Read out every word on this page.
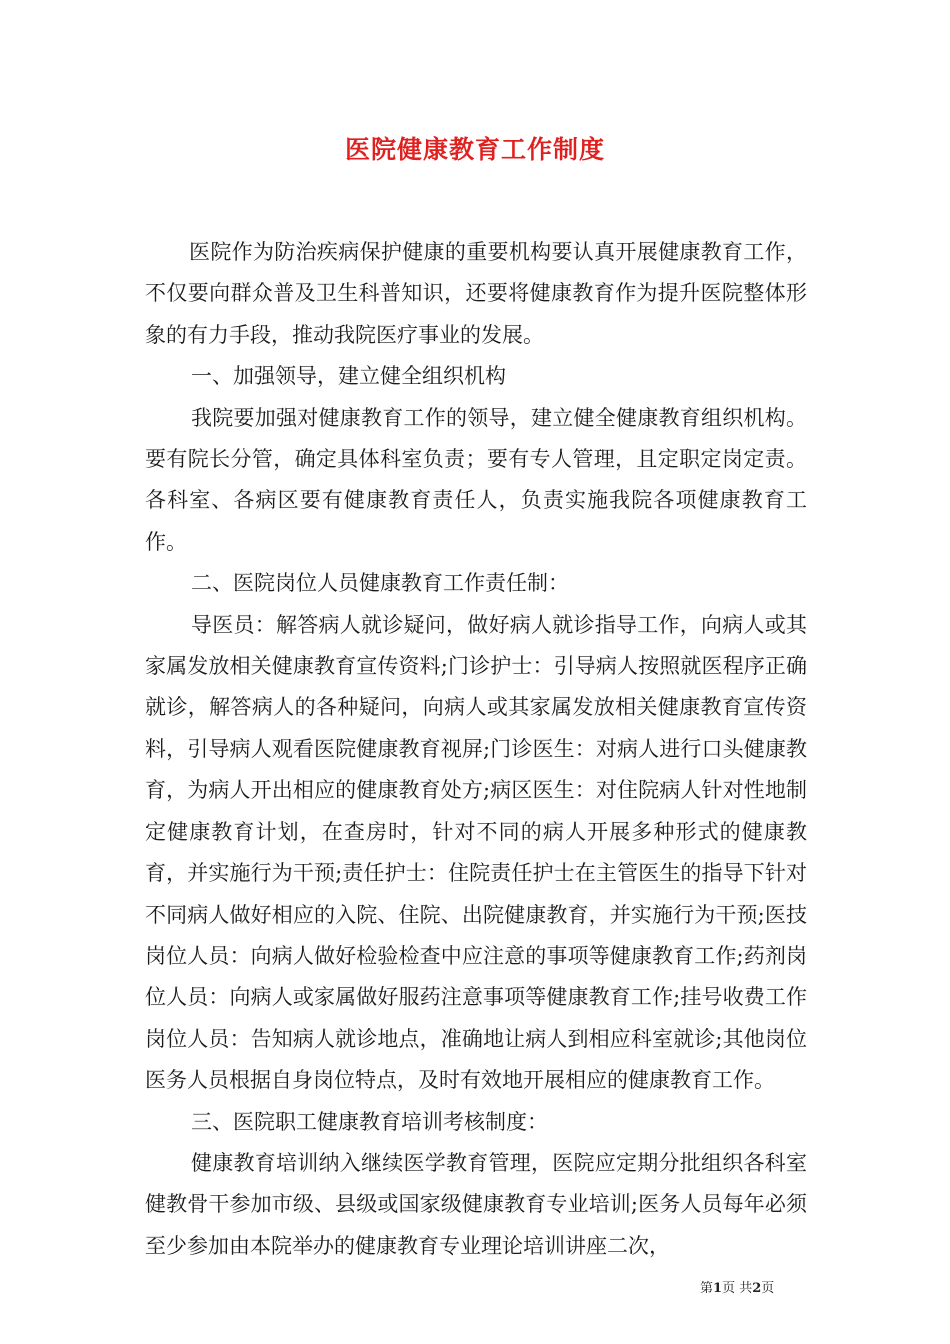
医院健康教育工作制度

医院作为防治疾病保护健康的重要机构要认真开展健康教育工作，不仅要向群众普及卫生科普知识，还要将健康教育作为提升医院整体形象的有力手段，推动我院医疗事业的发展。

一、加强领导，建立健全组织机构

我院要加强对健康教育工作的领导，建立健全健康教育组织机构。要有院长分管，确定具体科室负责；要有专人管理，且定职定岗定责。各科室、各病区要有健康教育责任人，负责实施我院各项健康教育工作。

二、医院岗位人员健康教育工作责任制：

导医员：解答病人就诊疑问，做好病人就诊指导工作，向病人或其家属发放相关健康教育宣传资料;门诊护士：引导病人按照就医程序正确就诊，解答病人的各种疑问，向病人或其家属发放相关健康教育宣传资料，引导病人观看医院健康教育视屏;门诊医生：对病人进行口头健康教育，为病人开出相应的健康教育处方;病区医生：对住院病人针对性地制定健康教育计划，在查房时，针对不同的病人开展多种形式的健康教育，并实施行为干预;责任护士：住院责任护士在主管医生的指导下针对不同病人做好相应的入院、住院、出院健康教育，并实施行为干预;医技岗位人员：向病人做好检验检查中应注意的事项等健康教育工作;药剂岗位人员：向病人或家属做好服药注意事项等健康教育工作;挂号收费工作岗位人员：告知病人就诊地点，准确地让病人到相应科室就诊;其他岗位医务人员根据自身岗位特点，及时有效地开展相应的健康教育工作。

三、医院职工健康教育培训考核制度：

健康教育培训纳入继续医学教育管理，医院应定期分批组织各科室健教骨干参加市级、县级或国家级健康教育专业培训;医务人员每年必须至少参加由本院举办的健康教育专业理论培训讲座二次，

第1页 共2页
